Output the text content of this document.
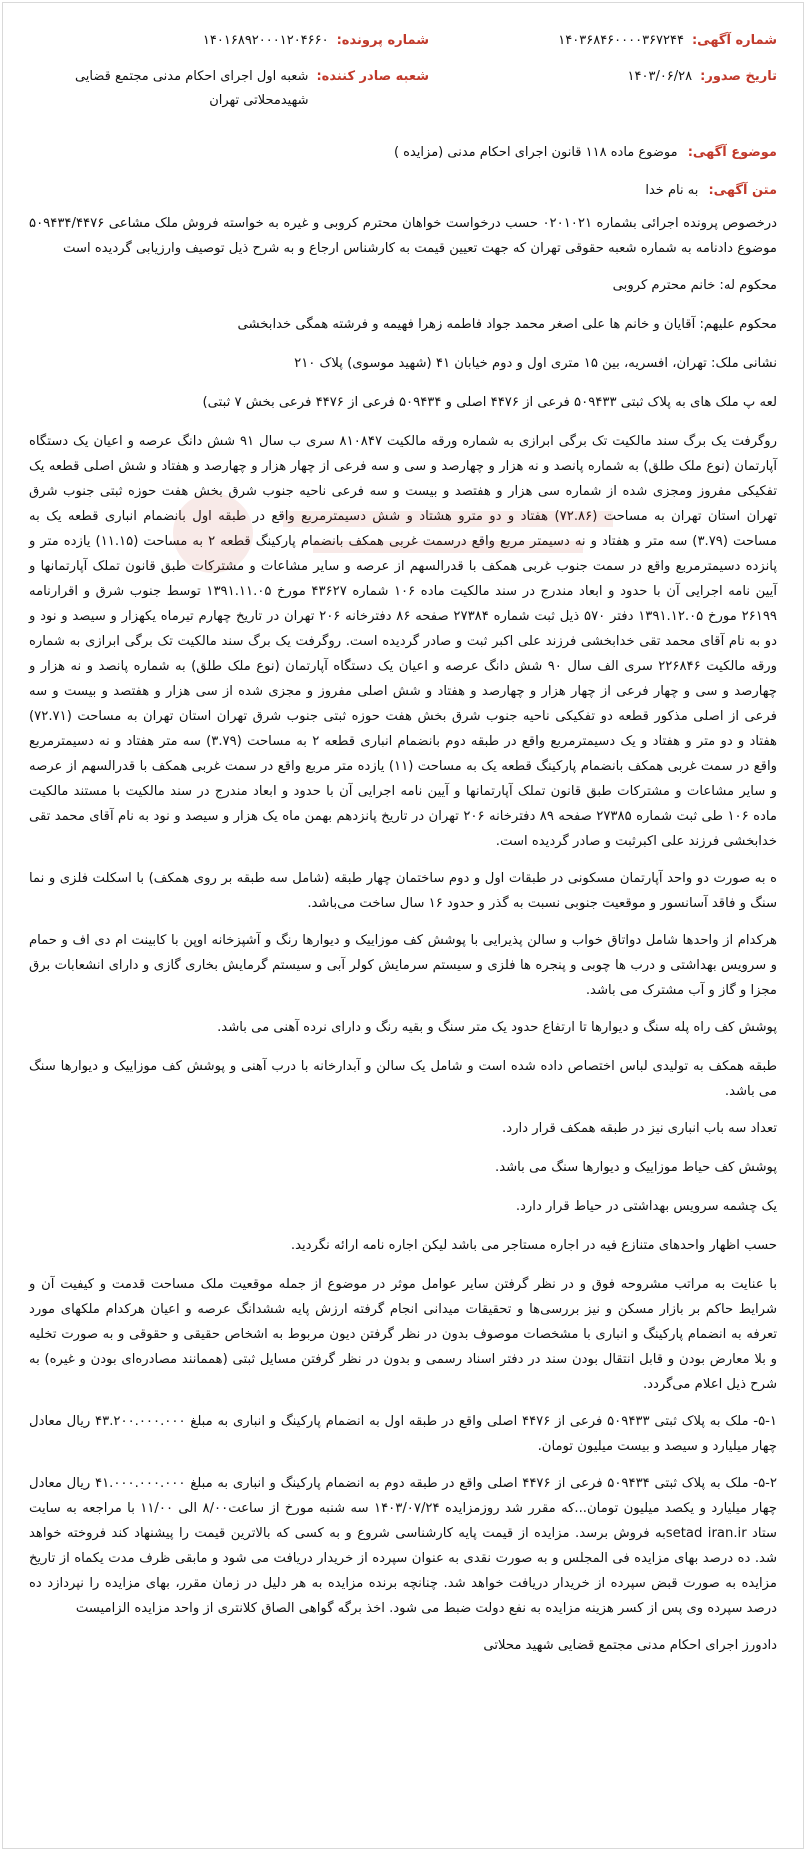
شماره آگهی:
۱۴۰۳۶۸۴۶۰۰۰۰۳۶۷۲۴۴
تاریخ صدور:
۱۴۰۳/۰۶/۲۸
شماره پرونده:
۱۴۰۱۶۸۹۲۰۰۰۱۲۰۴۶۶۰
شعبه صادر کننده:
شعبه اول اجرای احکام مدنی مجتمع قضایی شهیدمحلاتی تهران
موضوع آگهی: موضوع ماده ۱۱۸ قانون اجرای احکام مدنی (مزایده )
متن آگهی: به نام خدا

درخصوص پرونده اجرائی بشماره ۰۲۰۱۰۲۱ حسب درخواست خواهان محترم کروبی و غیره به خواسته فروش ملک مشاعی ۵۰۹۴۳۴/۴۴۷۶ موضوع دادنامه به شماره شعبه حقوقی تهران که جهت تعیین قیمت به کارشناس ارجاع و به شرح ذیل توصیف وارزیابی گردیده است

محکوم له: خانم محترم کروبی

محکوم علیهم: آقایان و خانم ها علی اصغر محمد جواد فاطمه زهرا فهیمه و فرشته همگی خدابخشی

نشانی ملک: تهران، افسریه، بین ۱۵ متری اول و دوم خیابان ۴۱ (شهید موسوی) پلاک ۲۱۰

لعه پ ملک های به پلاک ثبتی ۵۰۹۴۳۳ فرعی از ۴۴۷۶ اصلی و ۵۰۹۴۳۴ فرعی از ۴۴۷۶ فرعی بخش ۷ ثبتی)

روگرفت یک برگ سند مالکیت تک برگی ابرازی به شماره ورقه مالکیت ۸۱۰۸۴۷ سری ب سال ۹۱ شش دانگ عرصه و اعیان یک دستگاه آپارتمان (نوع ملک طلق) به شماره پانصد و نه هزار و چهارصد و سی و سه فرعی از چهار هزار و چهارصد و هفتاد و شش اصلی قطعه یک تفکیکی مفروز ومجزی شده از شماره سی هزار و هفتصد و بیست و سه فرعی ناحیه جنوب شرق بخش هفت حوزه ثبتی جنوب شرق تهران استان تهران به مساحت (۷۲.۸۶) هفتاد و دو مترو هشتاد و شش دسیمترمربع واقع در طبقه اول بانضمام انباری قطعه یک به مساحت (۳.۷۹) سه متر و هفتاد و نه دسیمتر مربع واقع درسمت غربی همکف بانضمام پارکینگ قطعه ۲ به مساحت (۱۱.۱۵) یازده متر و پانزده دسیمترمربع واقع در سمت جنوب غربی همکف با قدرالسهم از عرصه و سایر مشاعات و مشترکات طبق قانون تملک آپارتمانها و آیین نامه اجرایی آن با حدود و ابعاد مندرج در سند مالکیت ماده ۱۰۶ شماره ۴۳۶۲۷ مورخ ۱۳۹۱.۱۱.۰۵ توسط جنوب شرق و اقرارنامه ۲۶۱۹۹ مورخ ۱۳۹۱.۱۲.۰۵ دفتر ۵۷۰ ذیل ثبت شماره ۲۷۳۸۴ صفحه ۸۶ دفترخانه ۲۰۶ تهران در تاریخ چهارم تیرماه یکهزار و سیصد و نود و دو به نام آقای محمد تقی خدابخشی فرزند علی اکبر ثبت و صادر گردیده است. روگرفت یک برگ سند مالکیت تک برگی ابرازی به شماره ورقه مالکیت ۲۲۶۸۴۶ سری الف سال ۹۰ شش دانگ عرصه و اعیان یک دستگاه آپارتمان (نوع ملک طلق) به شماره پانصد و نه هزار و چهارصد و سی و چهار فرعی از چهار هزار و چهارصد و هفتاد و شش اصلی مفروز و مجزی شده از سی هزار و هفتصد و بیست و سه فرعی از اصلی مذکور قطعه دو تفکیکی ناحیه جنوب شرق بخش هفت حوزه ثبتی جنوب شرق تهران استان تهران به مساحت (۷۲.۷۱) هفتاد و دو متر و هفتاد و یک دسیمترمربع واقع در طبقه دوم بانضمام انباری قطعه ۲ به مساحت (۳.۷۹) سه متر هفتاد و نه دسیمترمربع واقع در سمت غربی همکف بانضمام پارکینگ قطعه یک به مساحت (۱۱) یازده متر مربع واقع در سمت غربی همکف با قدرالسهم از عرصه و سایر مشاعات و مشترکات طبق قانون تملک آپارتمانها و آیین نامه اجرایی آن با حدود و ابعاد مندرج در سند مالکیت با مستند مالکیت ماده ۱۰۶ طی ثبت شماره ۲۷۳۸۵ صفحه ۸۹ دفترخانه ۲۰۶ تهران در تاریخ پانزدهم بهمن ماه یک هزار و سیصد و نود به نام آقای محمد تقی خدابخشی فرزند علی اکبرثبت و صادر گردیده است.

ه به صورت دو واحد آپارتمان مسکونی در طبقات اول و دوم ساختمان چهار طبقه (شامل سه طبقه بر روی همکف) با اسکلت فلزی و نما سنگ و فاقد آسانسور و موقعیت جنوبی نسبت به گذر و حدود ۱۶ سال ساخت می‌باشد.

هرکدام از واحدها شامل دواتاق خواب و سالن پذیرایی با پوشش کف موزاییک و دیوارها رنگ و آشپزخانه اوپن با کابینت ام دی اف و حمام و سرویس بهداشتی و درب ها چوبی و پنجره ها فلزی و سیستم سرمایش کولر آبی و سیستم گرمایش بخاری گازی و دارای انشعابات برق مجزا و گاز و آب مشترک می باشد.

پوشش کف راه پله سنگ و دیوارها تا ارتفاع حدود یک متر سنگ و بقیه رنگ و دارای نرده آهنی می باشد.

طبقه همکف به تولیدی لباس اختصاص داده شده است و شامل یک سالن و آبدارخانه با درب آهنی و پوشش کف موزاییک و دیوارها سنگ می باشد.

تعداد سه باب انباری نیز در طبقه همکف قرار دارد.

پوشش کف حیاط موزاییک و دیوارها سنگ می باشد.

یک چشمه سرویس بهداشتی در حیاط قرار دارد.

حسب اظهار واحدهای متنازع فیه در اجاره مستاجر می باشد لیکن اجاره نامه ارائه نگردید.

با عنایت به مراتب مشروحه فوق و در نظر گرفتن سایر عوامل موثر در موضوع از جمله موقعیت ملک مساحت قدمت و کیفیت آن و شرایط حاکم بر بازار مسکن و نیز بررسی‌ها و تحقیقات میدانی انجام گرفته ارزش پایه ششدانگ عرصه و اعیان هرکدام ملکهای مورد تعرفه به انضمام پارکینگ و انباری با مشخصات موصوف بدون در نظر گرفتن دیون مربوط به اشخاص حقیقی و حقوقی و به صورت تخلیه و بلا معارض بودن و قابل انتقال بودن سند در دفتر اسناد رسمی و بدون در نظر گرفتن مسایل ثبتی (هممانند مصادره‌ای بودن و غیره) به شرح ذیل اعلام می‌گردد.

۵-۱- ملک به پلاک ثبتی ۵۰۹۴۳۳ فرعی از ۴۴۷۶ اصلی واقع در طبقه اول به انضمام پارکینگ و انباری به مبلغ ۴۳.۲۰۰.۰۰۰.۰۰۰ ریال معادل چهار میلیارد و سیصد و بیست میلیون تومان.

۵-۲- ملک به پلاک ثبتی ۵۰۹۴۳۴ فرعی از ۴۴۷۶ اصلی واقع در طبقه دوم به انضمام پارکینگ و انباری به مبلغ ۴۱.۰۰۰.۰۰۰.۰۰۰ ریال معادل چهار میلیارد و یکصد میلیون تومان...که مقرر شد روزمزایده ۱۴۰۳/۰۷/۲۴ سه شنبه مورخ از ساعت۸/۰۰ الی ۱۱/۰۰ با مراجعه به سایت ستاد setad iran.irبه فروش برسد. مزایده از قیمت پایه کارشناسی شروع و به کسی که بالاترین قیمت را پیشنهاد کند فروخته خواهد شد. ده درصد بهای مزایده فی المجلس و به صورت نقدی به عنوان سپرده از خریدار دریافت می شود و مابقی ظرف مدت یکماه از تاریخ مزایده به صورت قبض سپرده از خریدار دریافت خواهد شد. چنانچه برنده مزایده به هر دلیل در زمان مقرر، بهای مزایده را نپردازد ده درصد سپرده وی پس از کسر هزینه مزایده به نفع دولت ضبط می شود. اخذ برگه گواهی الصاق کلانتری از واحد مزایده الزامیست

دادورز اجرای احکام مدنی مجتمع قضایی شهید محلاتی
